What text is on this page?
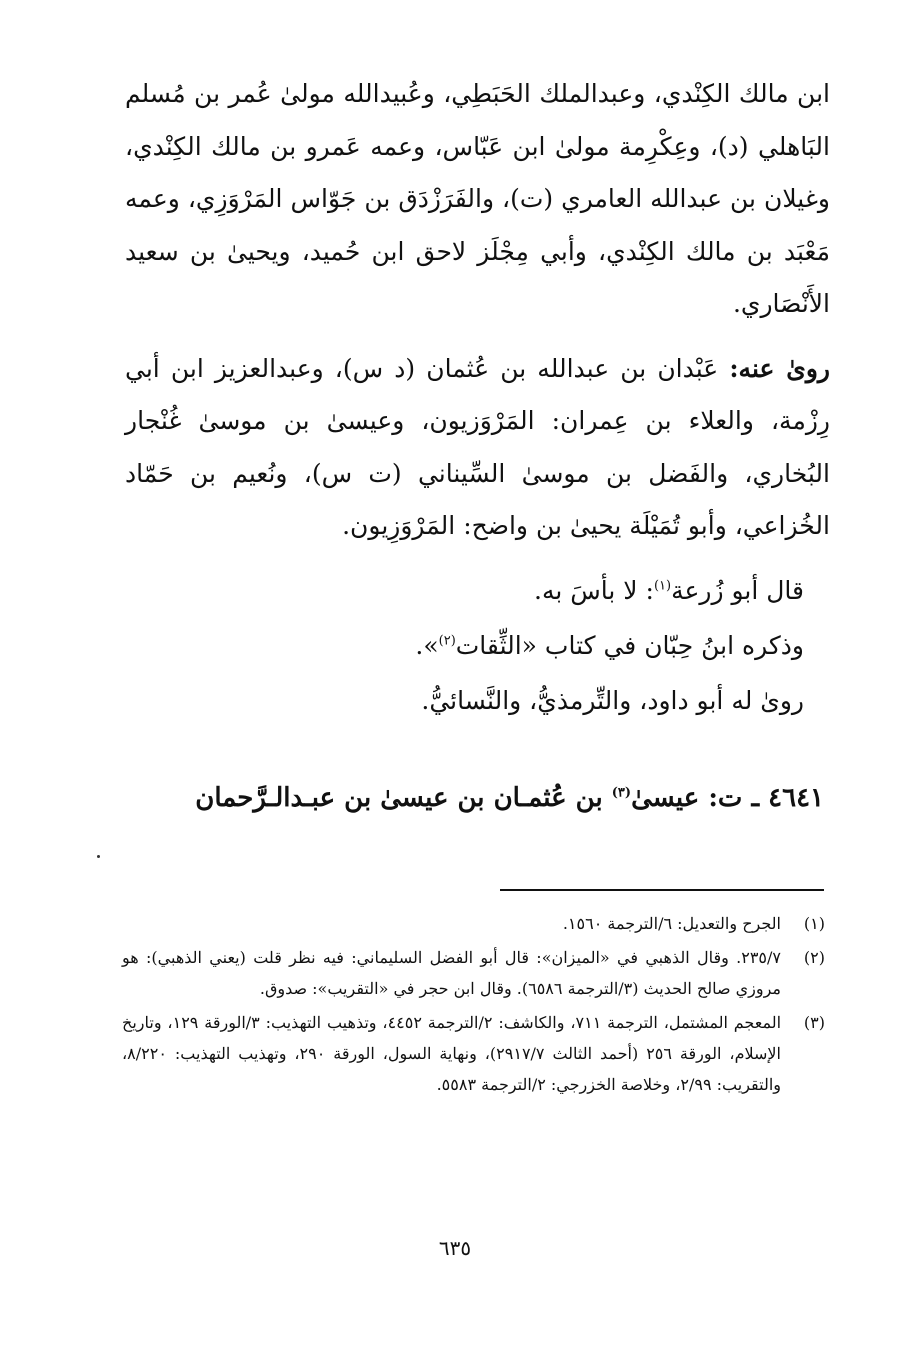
ابن مالك الكِنْدي، وعبدالملك الحَبَطِي، وعُبيدالله مولىٰ عُمر بن مُسلم البَاهلي (د)، وعِكْرِمة مولىٰ ابن عَبّاس، وعمه عَمرو بن مالك الكِنْدي، وغيلان بن عبدالله العامري (ت)، والفَرَزْدَق بن جَوّاس المَرْوَزِي، وعمه مَعْبَد بن مالك الكِنْدي، وأبي مِجْلَز لاحق ابن حُميد، ويحيىٰ بن سعيد الأَنْصَاري.

روىٰ عنه: عَبْدان بن عبدالله بن عُثمان (د س)، وعبدالعزيز ابن أبي رِزْمة، والعلاء بن عِمران: المَرْوَزيون، وعيسىٰ بن موسىٰ غُنْجار البُخاري، والفَضل بن موسىٰ السِّيناني (ت س)، ونُعيم بن حَمّاد الخُزاعي، وأبو تُمَيْلَة يحيىٰ بن واضح: المَرْوَزِيون.

قال أبو زُرعة$^{(١)}$: لا بأسَ به.

وذكره ابنُ حِبّان في كتاب «الثِّقات$^{(٢)}$».

روىٰ له أبو داود، والتِّرمذيُّ، والنَّسائيُّ.

٤٦٤١ ـ ت: عيسىٰ$^{(٣)}$ بن عُثمـان بن عيسىٰ بن عبـدالـرَّحمان

(١)
الجرح والتعديل: ٦/الترجمة ١٥٦٠.
(٢)
٢٣٥/٧. وقال الذهبي في «الميزان»: قال أبو الفضل السليماني: فيه نظر قلت (يعني الذهبي): هو مروزي صالح الحديث (٣/الترجمة ٦٥٨٦). وقال ابن حجر في «التقريب»: صدوق.
(٣)
المعجم المشتمل، الترجمة ٧١١، والكاشف: ٢/الترجمة ٤٤٥٢، وتذهيب التهذيب: ٣/الورقة ١٢٩، وتاريخ الإسلام، الورقة ٢٥٦ (أحمد الثالث ٢٩١٧/٧)، ونهاية السول، الورقة ٢٩٠، وتهذيب التهذيب: ٨/٢٢٠، والتقريب: ٢/٩٩، وخلاصة الخزرجي: ٢/الترجمة ٥٥٨٣.
٦٣٥
